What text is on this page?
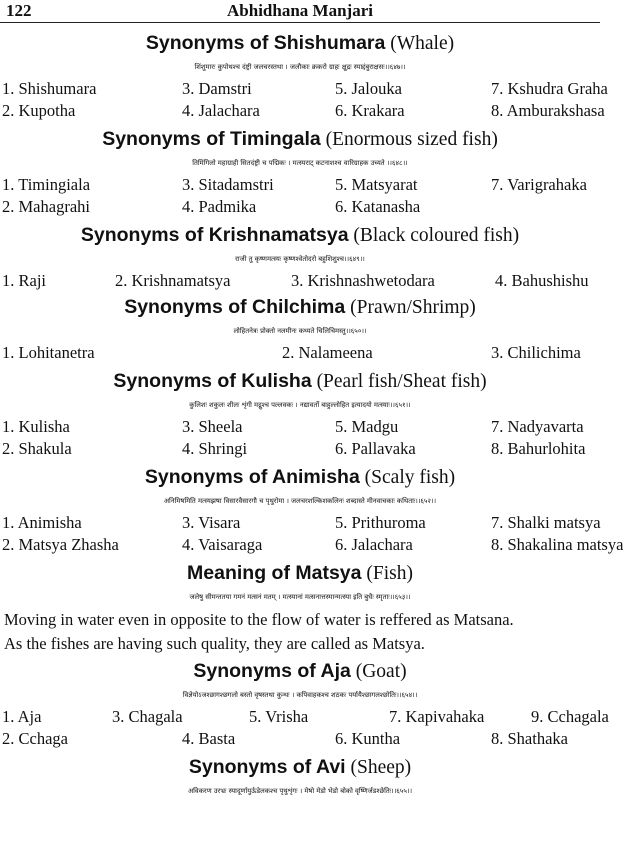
122	Abhidhana Manjari
Synonyms of Shishumara (Whale)
शिंशुमारः कुपोथश्च दंष्ट्री जलचरस्तथा । जलौकाः क्रकरो ग्राहः क्षुद्रः स्याद्दंबुराक्षसः।।६४७।।
1. Shishumara	3. Damstri	5. Jalouka	7. Kshudra Graha
2. Kupotha	4. Jalachara	6. Krakara	8. Amburakshasa
Synonyms of Timingala (Enormous sized fish)
तिमिंगिलो महाग्राही सितदंष्ट्री च पद्मिकः । मत्स्यराट् कटनाशश्च वारिग्राहक उच्यते ।।६४८।।
1. Timingiala	3. Sitadamstri	5. Matsyarat	7. Varigrahaka
2. Mahagrahi	4. Padmika	6. Katanasha
Synonyms of Krishnamatsya (Black coloured fish)
राजी तु कृष्णमत्स्यः कृष्णश्वेतोदरो बहुशिशुश्च।।६४९।।
1. Raji	2. Krishnamatsya	3. Krishnashwetodara	4. Bahushishu
Synonyms of Chilchima (Prawn/Shrimp)
लोहितनेत्रः प्रोक्तो नलमीनः कथ्यते चिलिचिमस्तु।।६५०।।
1. Lohitanetra	2. Nalameena	3. Chilichima
Synonyms of Kulisha (Pearl fish/Sheat fish)
कुलिशः शकुलः शीलः शृंगी मद्गुश्च पल्लवकः । नद्यावर्तो बाहुल्लोहित इत्यादयो मत्स्याः।।६५१।।
1. Kulisha	3. Sheela	5. Madgu	7. Nadyavarta
2. Shakula	4. Shringi	6. Pallavaka	8. Bahurlohita
Synonyms of Animisha (Scaly fish)
अनिमिषमिति मत्स्यझषा विसारवैसारगौ च पृथुरोमा । जलचरशल्किशकलिनः शब्दास्ते मीनवाचकाः कथिताः।।६५२।।
1. Animisha	3. Visara	5. Prithuroma	7. Shalki matsya
2. Matsya Zhasha	4. Vaisaraga	6. Jalachara	8. Shakalina matsya
Meaning of Matsya (Fish)
जलेषु सीमन्ततया गमनं मत्सनं मतम् । मत्स्यानां मत्सनात्तस्मान्मत्स्या इति बुधैः स्मृताः।।६५३।।
Moving in water even in opposite to the flow of water is reffered as Matsana.
As the fishes are having such quality, they are called as Matsya.
Synonyms of Aja (Goat)
विज्ञेयोऽजश्छागश्छगलो बस्तो वृषस्तथा कुन्थः । कपिवाहकश्च शठकः पर्यायैश्छागलश्छोतिः।।६५४।।
1. Aja	3. Chagala	5. Vrisha	7. Kapivahaka	9. Cchagala
2. Cchaga	4. Basta	6. Kuntha	8. Shathaka
Synonyms of Avi (Sheep)
अविकरण उरभ्रः स्यादूर्णायुर्ऊडेलकश्च पृथुशृंगः । मेषो मेडो भेडो बोको वृष्णिर्जडश्छेतिः।।६५५।।
